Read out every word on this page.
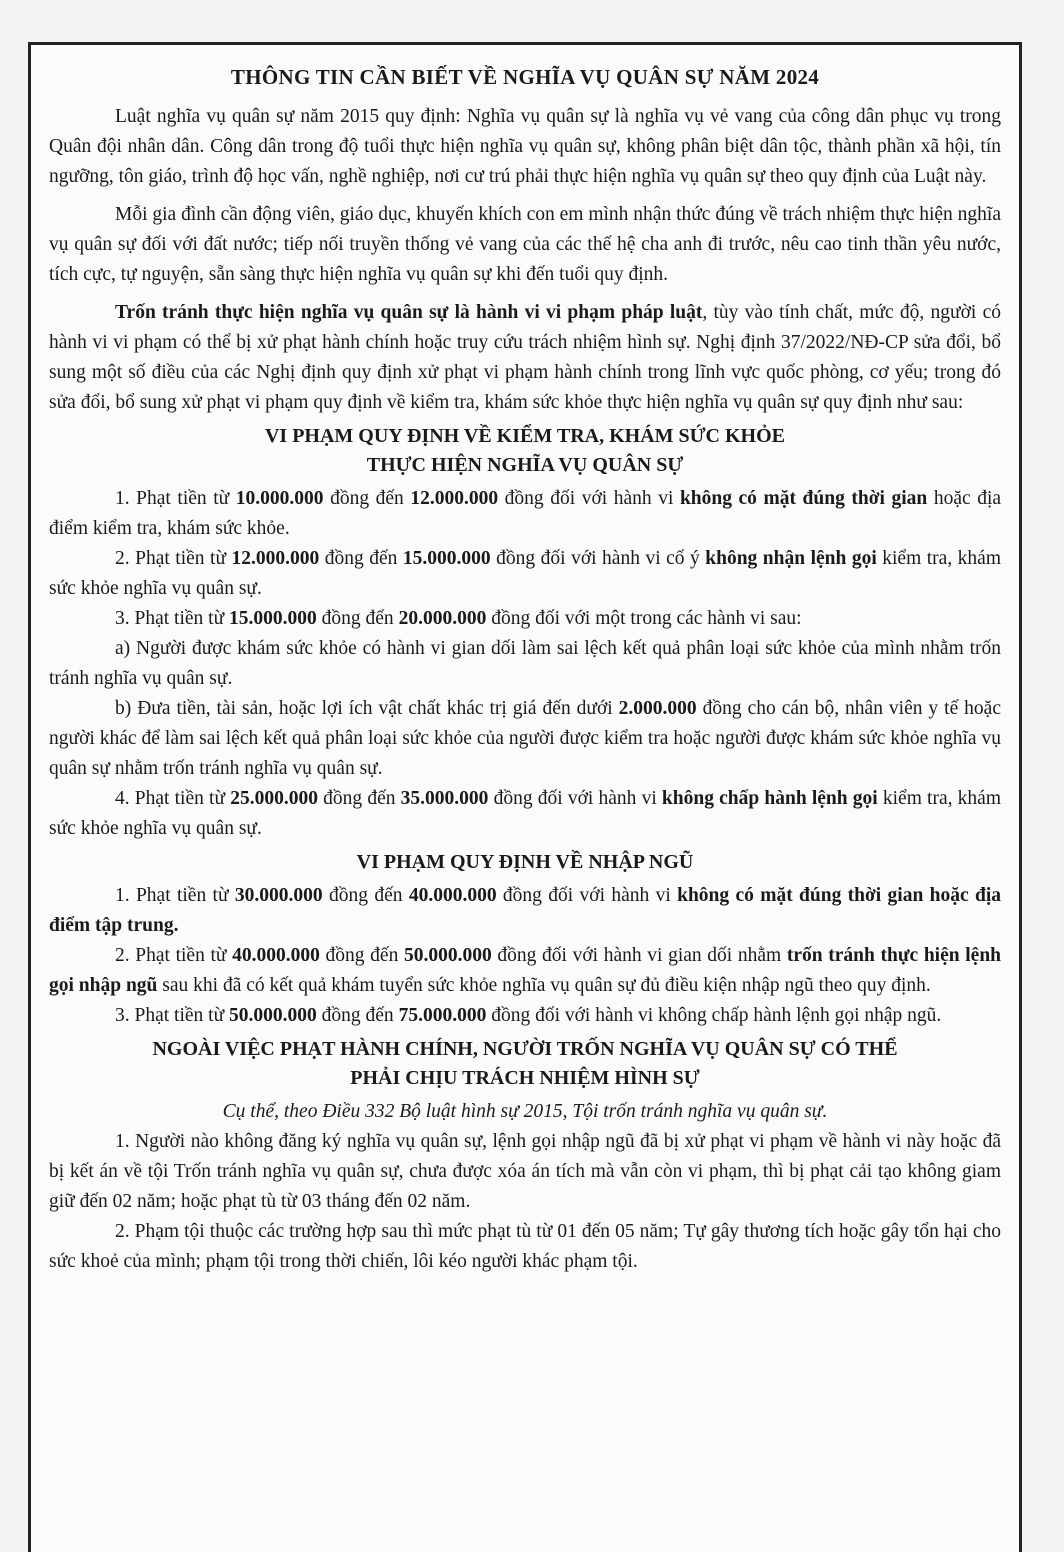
THÔNG TIN CẦN BIẾT VỀ NGHĨA VỤ QUÂN SỰ NĂM 2024

Luật nghĩa vụ quân sự năm 2015 quy định: Nghĩa vụ quân sự là nghĩa vụ vẻ vang của công dân phục vụ trong Quân đội nhân dân. Công dân trong độ tuổi thực hiện nghĩa vụ quân sự, không phân biệt dân tộc, thành phần xã hội, tín ngưỡng, tôn giáo, trình độ học vấn, nghề nghiệp, nơi cư trú phải thực hiện nghĩa vụ quân sự theo quy định của Luật này.

Mỗi gia đình cần động viên, giáo dục, khuyến khích con em mình nhận thức đúng về trách nhiệm thực hiện nghĩa vụ quân sự đối với đất nước; tiếp nối truyền thống vẻ vang của các thế hệ cha anh đi trước, nêu cao tinh thần yêu nước, tích cực, tự nguyện, sẵn sàng thực hiện nghĩa vụ quân sự khi đến tuổi quy định.

Trốn tránh thực hiện nghĩa vụ quân sự là hành vi vi phạm pháp luật, tùy vào tính chất, mức độ, người có hành vi vi phạm có thể bị xử phạt hành chính hoặc truy cứu trách nhiệm hình sự. Nghị định 37/2022/NĐ-CP sửa đổi, bổ sung một số điều của các Nghị định quy định xử phạt vi phạm hành chính trong lĩnh vực quốc phòng, cơ yếu; trong đó sửa đổi, bổ sung xử phạt vi phạm quy định về kiểm tra, khám sức khỏe thực hiện nghĩa vụ quân sự quy định như sau:

VI PHẠM QUY ĐỊNH VỀ KIỂM TRA, KHÁM SỨC KHỎE
THỰC HIỆN NGHĨA VỤ QUÂN SỰ

1. Phạt tiền từ 10.000.000 đồng đến 12.000.000 đồng đối với hành vi không có mặt đúng thời gian hoặc địa điểm kiểm tra, khám sức khỏe.

2. Phạt tiền từ 12.000.000 đồng đến 15.000.000 đồng đối với hành vi cố ý không nhận lệnh gọi kiểm tra, khám sức khỏe nghĩa vụ quân sự.

3. Phạt tiền từ 15.000.000 đồng đến 20.000.000 đồng đối với một trong các hành vi sau:

a) Người được khám sức khỏe có hành vi gian dối làm sai lệch kết quả phân loại sức khỏe của mình nhằm trốn tránh nghĩa vụ quân sự.

b) Đưa tiền, tài sản, hoặc lợi ích vật chất khác trị giá đến dưới 2.000.000 đồng cho cán bộ, nhân viên y tế hoặc người khác để làm sai lệch kết quả phân loại sức khỏe của người được kiểm tra hoặc người được khám sức khỏe nghĩa vụ quân sự nhằm trốn tránh nghĩa vụ quân sự.

4. Phạt tiền từ 25.000.000 đồng đến 35.000.000 đồng đối với hành vi không chấp hành lệnh gọi kiểm tra, khám sức khỏe nghĩa vụ quân sự.

VI PHẠM QUY ĐỊNH VỀ NHẬP NGŨ

1. Phạt tiền từ 30.000.000 đồng đến 40.000.000 đồng đối với hành vi không có mặt đúng thời gian hoặc địa điểm tập trung.

2. Phạt tiền từ 40.000.000 đồng đến 50.000.000 đồng đối với hành vi gian dối nhằm trốn tránh thực hiện lệnh gọi nhập ngũ sau khi đã có kết quả khám tuyển sức khỏe nghĩa vụ quân sự đủ điều kiện nhập ngũ theo quy định.

3. Phạt tiền từ 50.000.000 đồng đến 75.000.000 đồng đối với hành vi không chấp hành lệnh gọi nhập ngũ.

NGOÀI VIỆC PHẠT HÀNH CHÍNH, NGƯỜI TRỐN NGHĨA VỤ QUÂN SỰ CÓ THỂ
PHẢI CHỊU TRÁCH NHIỆM HÌNH SỰ
Cụ thể, theo Điều 332 Bộ luật hình sự 2015, Tội trốn tránh nghĩa vụ quân sự.

1. Người nào không đăng ký nghĩa vụ quân sự, lệnh gọi nhập ngũ đã bị xử phạt vi phạm về hành vi này hoặc đã bị kết án về tội Trốn tránh nghĩa vụ quân sự, chưa được xóa án tích mà vẫn còn vi phạm, thì bị phạt cải tạo không giam giữ đến 02 năm; hoặc phạt tù từ 03 tháng đến 02 năm.

2. Phạm tội thuộc các trường hợp sau thì mức phạt tù từ 01 đến 05 năm; Tự gây thương tích hoặc gây tổn hại cho sức khoẻ của mình; phạm tội trong thời chiến, lôi kéo người khác phạm tội.
